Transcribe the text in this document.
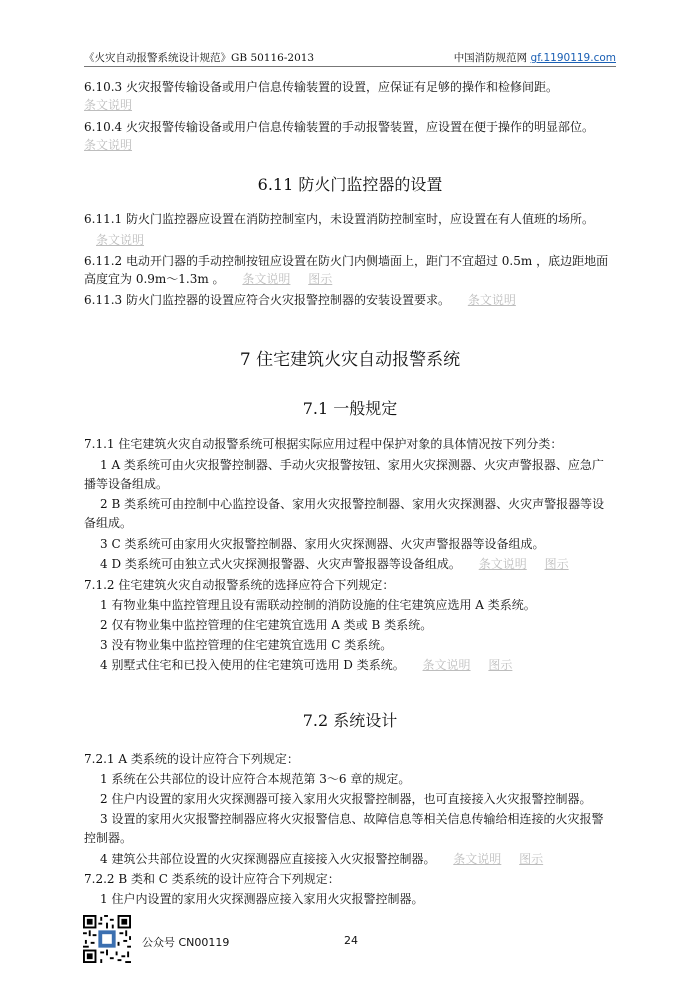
《火灾自动报警系统设计规范》GB 50116-2013	中国消防规范网 gf.1190119.com
6.10.3 火灾报警传输设备或用户信息传输装置的设置，应保证有足够的操作和检修间距。
条文说明
6.10.4 火灾报警传输设备或用户信息传输装置的手动报警装置，应设置在便于操作的明显部位。
条文说明
6.11 防火门监控器的设置
6.11.1 防火门监控器应设置在消防控制室内，未设置消防控制室时，应设置在有人值班的场所。
条文说明
6.11.2 电动开门器的手动控制按钮应设置在防火门内侧墙面上，距门不宜超过 0.5m ，底边距地面
高度宜为 0.9m～1.3m 。 条文说明 图示
6.11.3 防火门监控器的设置应符合火灾报警控制器的安装设置要求。 条文说明
7 住宅建筑火灾自动报警系统
7.1 一般规定
7.1.1 住宅建筑火灾自动报警系统可根据实际应用过程中保护对象的具体情况按下列分类：
1 A 类系统可由火灾报警控制器、手动火灾报警按钮、家用火灾探测器、火灾声警报器、应急广
播等设备组成。
2 B 类系统可由控制中心监控设备、家用火灾报警控制器、家用火灾探测器、火灾声警报器等设
备组成。
3 C 类系统可由家用火灾报警控制器、家用火灾探测器、火灾声警报器等设备组成。
4 D 类系统可由独立式火灾探测报警器、火灾声警报器等设备组成。 条文说明 图示
7.1.2 住宅建筑火灾自动报警系统的选择应符合下列规定：
1 有物业集中监控管理且设有需联动控制的消防设施的住宅建筑应选用 A 类系统。
2 仅有物业集中监控管理的住宅建筑宜选用 A 类或 B 类系统。
3 没有物业集中监控管理的住宅建筑宜选用 C 类系统。
4 别墅式住宅和已投入使用的住宅建筑可选用 D 类系统。 条文说明 图示
7.2 系统设计
7.2.1 A 类系统的设计应符合下列规定：
1 系统在公共部位的设计应符合本规范第 3～6 章的规定。
2 住户内设置的家用火灾探测器可接入家用火灾报警控制器，也可直接接入火灾报警控制器。
3 设置的家用火灾报警控制器应将火灾报警信息、故障信息等相关信息传输给相连接的火灾报警
控制器。
4 建筑公共部位设置的火灾探测器应直接接入火灾报警控制器。 条文说明 图示
7.2.2 B 类和 C 类系统的设计应符合下列规定：
1 住户内设置的家用火灾探测器应接入家用火灾报警控制器。
公众号 CN00119	24
